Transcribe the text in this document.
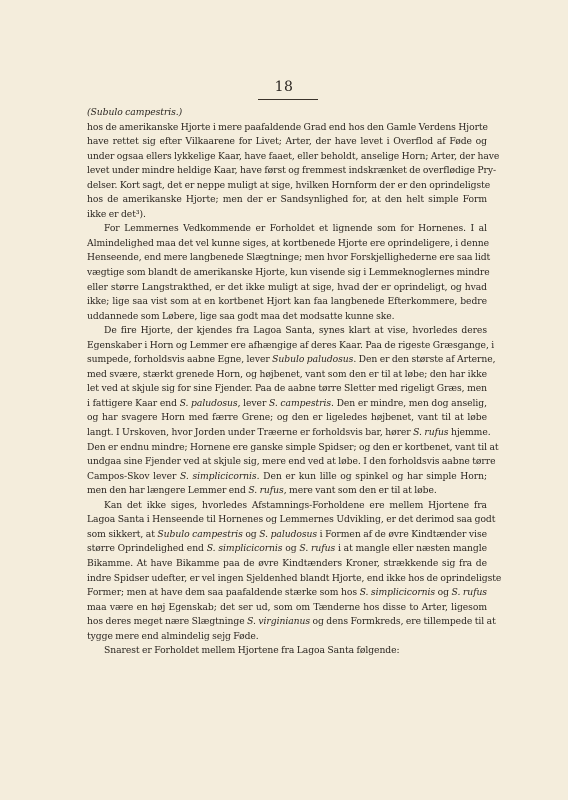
18
(Subulo campestris.)
hos de amerikanske Hjorte i mere paafaldende Grad end hos den Gamle Verdens Hjorte
have rettet sig efter Vilkaarene for Livet; Arter, der have levet i Overflod af Føde og
under ogsaa ellers lykkelige Kaar, have faaet, eller beholdt, anselige Horn; Arter, der have
levet under mindre heldige Kaar, have først og fremmest indskrænket de overflødige Pry-
delser. Kort sagt, det er neppe muligt at sige, hvilken Hornform der er den oprindeligste
hos de amerikanske Hjorte; men der er Sandsynlighed for, at den helt simple Form
ikke er det³).
For Lemmernes Vedkommende er Forholdet et lignende som for Hornenes. I al
Almindelighed maa det vel kunne siges, at kortbenede Hjorte ere oprindeligere, i denne
Henseende, end mere langbenede Slægtninge; men hvor Forskjellighederne ere saa lidt
vægtige som blandt de amerikanske Hjorte, kun visende sig i Lemmeknoglernes mindre
eller større Langstrakthed, er det ikke muligt at sige, hvad der er oprindeligt, og hvad
ikke; lige saa vist som at en kortbenet Hjort kan faa langbenede Efterkommere, bedre
uddannede som Løbere, lige saa godt maa det modsatte kunne ske.
De fire Hjorte, der kjendes fra Lagoa Santa, synes klart at vise, hvorledes deres
Egenskaber i Horn og Lemmer ere afhængige af deres Kaar. Paa de rigeste Græsgange, i
sumpede, forholdsvis aabne Egne, lever Subulo paludosus. Den er den største af Arterne,
med svære, stærkt grenede Horn, og højbenet, vant som den er til at løbe; den har ikke
let ved at skjule sig for sine Fjender. Paa de aabne tørre Sletter med rigeligt Græs, men
i fattigere Kaar end S. paludosus, lever S. campestris. Den er mindre, men dog anselig,
og har svagere Horn med færre Grene; og den er ligeledes højbenet, vant til at løbe
langt. I Urskoven, hvor Jorden under Træerne er forholdsvis bar, hører S. rufus hjemme.
Den er endnu mindre; Hornene ere ganske simple Spidser; og den er kortbenet, vant til at
undgaa sine Fjender ved at skjule sig, mere end ved at løbe. I den forholdsvis aabne tørre
Campos-Skov lever S. simplicicornis. Den er kun lille og spinkel og har simple Horn;
men den har længere Lemmer end S. rufus, mere vant som den er til at løbe.
Kan det ikke siges, hvorledes Afstamnings-Forholdene ere mellem Hjortene fra
Lagoa Santa i Henseende til Hornenes og Lemmernes Udvikling, er det derimod saa godt
som sikkert, at Subulo campestris og S. paludosus i Formen af de øvre Kindtænder vise
større Oprindelighed end S. simplicicornis og S. rufus i at mangle eller næsten mangle
Bikamme. At have Bikamme paa de øvre Kindtænders Kroner, strækkende sig fra de
indre Spidser udefter, er vel ingen Sjeldenhed blandt Hjorte, end ikke hos de oprindeligste
Former; men at have dem saa paafaldende stærke som hos S. simplicicornis og S. rufus
maa være en høj Egenskab; det ser ud, som om Tænderne hos disse to Arter, ligesom
hos deres meget nære Slægtninge S. virginianus og dens Formkreds, ere tillempede til at
tygge mere end almindelig sejg Føde.
Snarest er Forholdet mellem Hjortene fra Lagoa Santa følgende:
